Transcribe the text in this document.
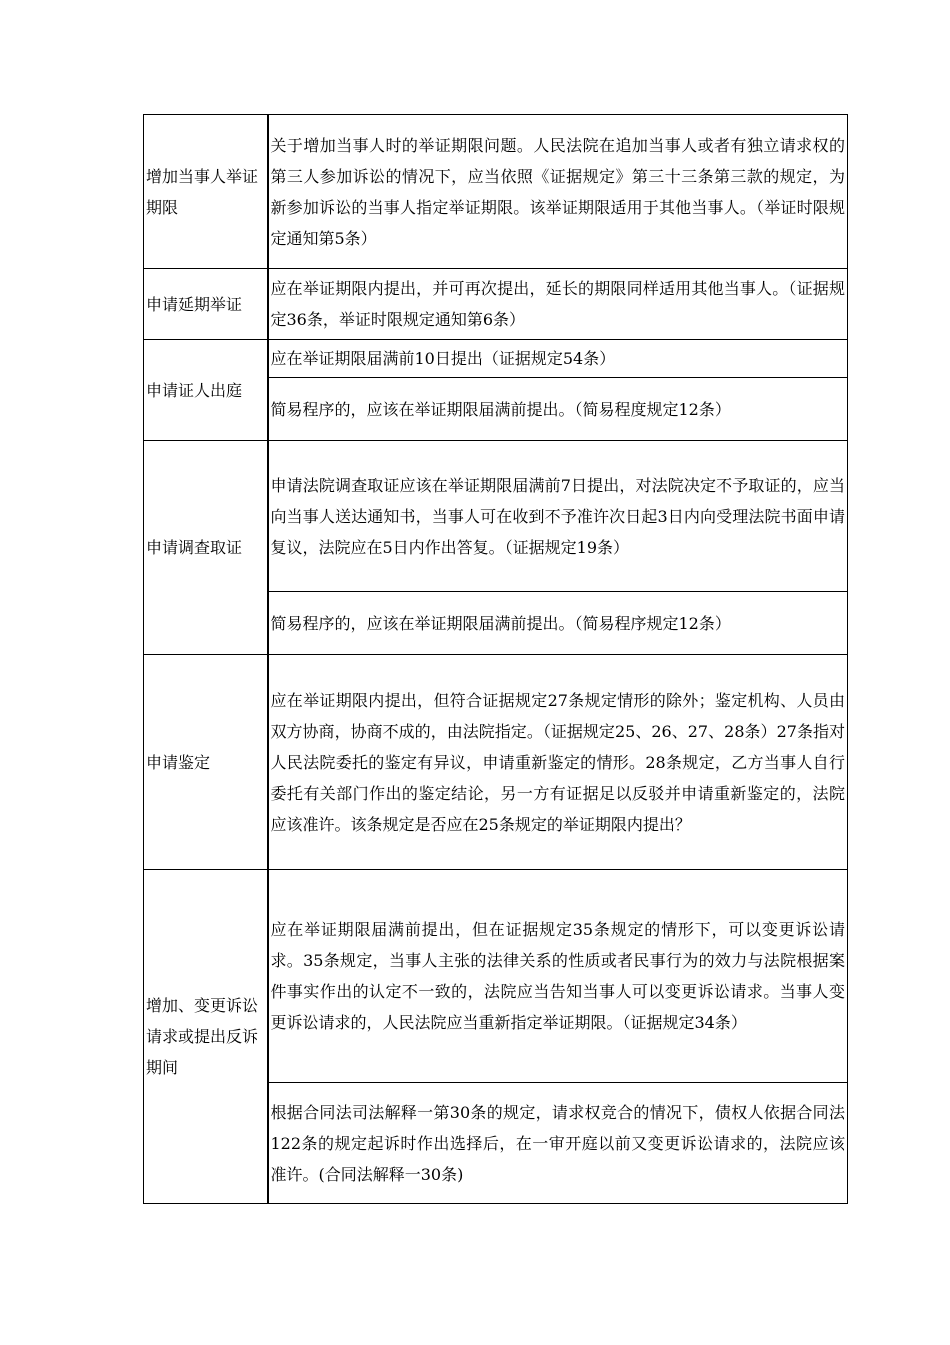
增加当事人举证期限	关于增加当事人时的举证期限问题。人民法院在追加当事人或者有独立请求权的第三人参加诉讼的情况下，应当依照《证据规定》第三十三条第三款的规定，为新参加诉讼的当事人指定举证期限。该举证期限适用于其他当事人。（举证时限规定通知第5条）
申请延期举证	应在举证期限内提出，并可再次提出，延长的期限同样适用其他当事人。（证据规定36条，举证时限规定通知第6条）
申请证人出庭	应在举证期限届满前10日提出（证据规定54条）
	简易程序的，应该在举证期限届满前提出。（简易程度规定12条）
申请调查取证	申请法院调查取证应该在举证期限届满前7日提出，对法院决定不予取证的，应当向当事人送达通知书，当事人可在收到不予准许次日起3日内向受理法院书面申请复议，法院应在5日内作出答复。（证据规定19条）
	简易程序的，应该在举证期限届满前提出。（简易程序规定12条）
申请鉴定	应在举证期限内提出，但符合证据规定27条规定情形的除外；鉴定机构、人员由双方协商，协商不成的，由法院指定。（证据规定25、26、27、28条）27条指对人民法院委托的鉴定有异议，申请重新鉴定的情形。28条规定，乙方当事人自行委托有关部门作出的鉴定结论，另一方有证据足以反驳并申请重新鉴定的，法院应该准许。该条规定是否应在25条规定的举证期限内提出？
增加、变更诉讼请求或提出反诉期间	应在举证期限届满前提出，但在证据规定35条规定的情形下，可以变更诉讼请求。35条规定，当事人主张的法律关系的性质或者民事行为的效力与法院根据案件事实作出的认定不一致的，法院应当告知当事人可以变更诉讼请求。当事人变更诉讼请求的，人民法院应当重新指定举证期限。（证据规定34条）
	根据合同法司法解释一第30条的规定，请求权竞合的情况下，债权人依据合同法122条的规定起诉时作出选择后，在一审开庭以前又变更诉讼请求的，法院应该准许。(合同法解释一30条)
